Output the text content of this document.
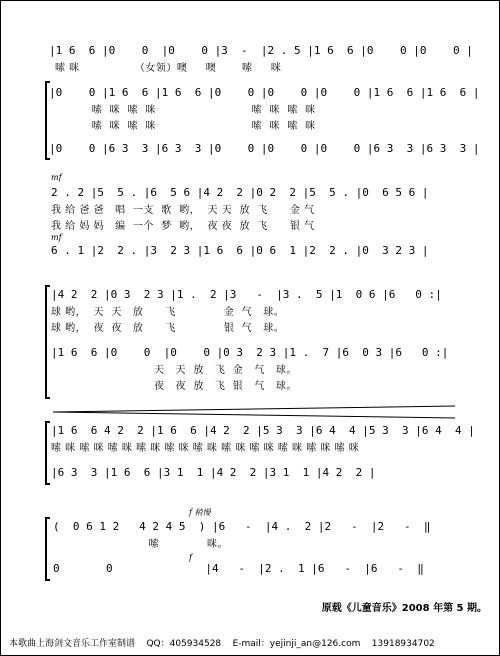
|1 6  6 |0    0  |0    0 |3  -  |2 . 5 |1 6  6 |0    0 |0    0 |
嗦 咪               （女领）噢     噢       嗦     咪
|0    0 |1 6  6 |1 6  6 |0    0 |0    0 |0    0 |1 6  6 |1 6  6 |
嗦  咪  嗦  咪                          嗦  咪  嗦  咪
嗦  咪  嗦  咪                          嗦  咪  嗦  咪
|0    0 |6 3  3 |6 3  3 |0    0 |0    0 |0    0 |6 3  3 |6 3  3 |
mf
2 . 2 |5  5 . |6  5 6 |4 2  2 |0 2  2 |5  5 . |0  6 5 6 |
我 给 爸 爸   唱  一支  歌  哟，  天 天  放  飞      金 气
我 给 妈 妈   编  一个  梦  哟，  夜 夜  放  飞      银 气
mf
6 . 1 |2  2 . |3  2 3 |1 6  6 |0 6  1 |2  2 . |0  3 2 3 |
|4 2  2 |0 3  2 3 |1 .  2 |3   -  |3 .  5 |1  0 6 |6   0 :|
球 哟，  天  天   放      飞             金  气   球。
球 哟，  夜  夜   放      飞             银  气   球。
|1 6  6 |0    0  |0    0 |0 3  2 3 |1 .  7 |6  0 3 |6   0 :|
天   天  放   飞  金   气   球。
夜   夜  放   飞  银   气   球。
|1 6  6 4 2  2 |1 6  6 |4 2  2 |5 3  3 |6 4  4 |5 3  3 |6 4  4 |
嗦 咪 嗦 咪 嗦 咪 嗦 咪 嗦 咪 嗦 咪 嗦 咪 嗦 咪 嗦 咪 嗦 咪 嗦 咪
|6 3  3 |1 6  6 |3 1  1 |4 2  2 |3 1  1 |4 2  2 |
f 稍慢
(  0 6 1 2   4 2 4 5  ) |6   -  |4 .  2 |2   -  |2   -  ‖
嗦             咪。
f
0       0              |4   -  |2 .  1 |6   -  |6   -  ‖
原载《儿童音乐》2008 年第 5 期。
本歌曲上海剑文音乐工作室制谱    QQ：405934528    E-mail：yejinji_an@126.com    13918934702
